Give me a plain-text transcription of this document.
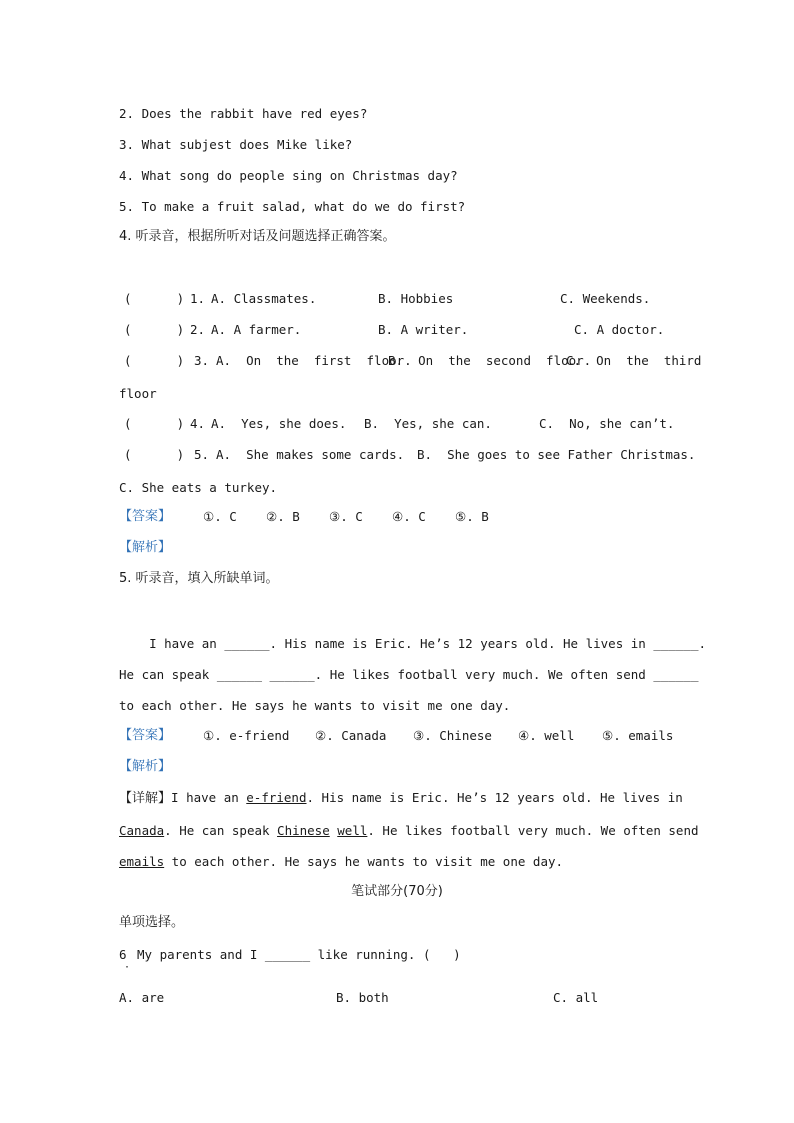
2. Does the rabbit have red eyes?
3. What subjest does Mike like?
4. What song do people sing on Christmas day?
5. To make a fruit salad, what do we do first?
4. 听录音，根据所听对话及问题选择正确答案。
(      ) 1. A. Classmates.	B. Hobbies	C. Weekends.
(      ) 2. A. A farmer.	B. A writer.	C. A doctor.
(      ) 3. A.  On  the  first  floor.
B.  On  the  second  floor.
C.  On  the  third
floor
(      ) 4. A.  Yes, she does. B.  Yes, she can.	C.  No, she can’t.
(      ) 5. A.  She makes some cards. B.  She goes to see Father Christmas.
C. She eats a turkey.
【答案】	①. C ②. B ③. C ④. C ⑤. B
【解析】
5. 听录音，填入所缺单词。
I have an ______. His name is Eric. He’s 12 years old. He lives in ______.
He can speak ______ ______. He likes football very much. We often send ______
to each other. He says he wants to visit me one day.
【答案】	①. e-friend ②. Canada ③. Chinese ④. well ⑤. emails
【解析】
【详解】I have an e-friend. His name is Eric. He’s 12 years old. He lives in
Canada. He can speak Chinese well. He likes football very much. We often send
emails to each other. He says he wants to visit me one day.
笔试部分(70分)
单项选择。
6
·
My parents and I ______ like running. (   )
A. are	B. both	C. all
